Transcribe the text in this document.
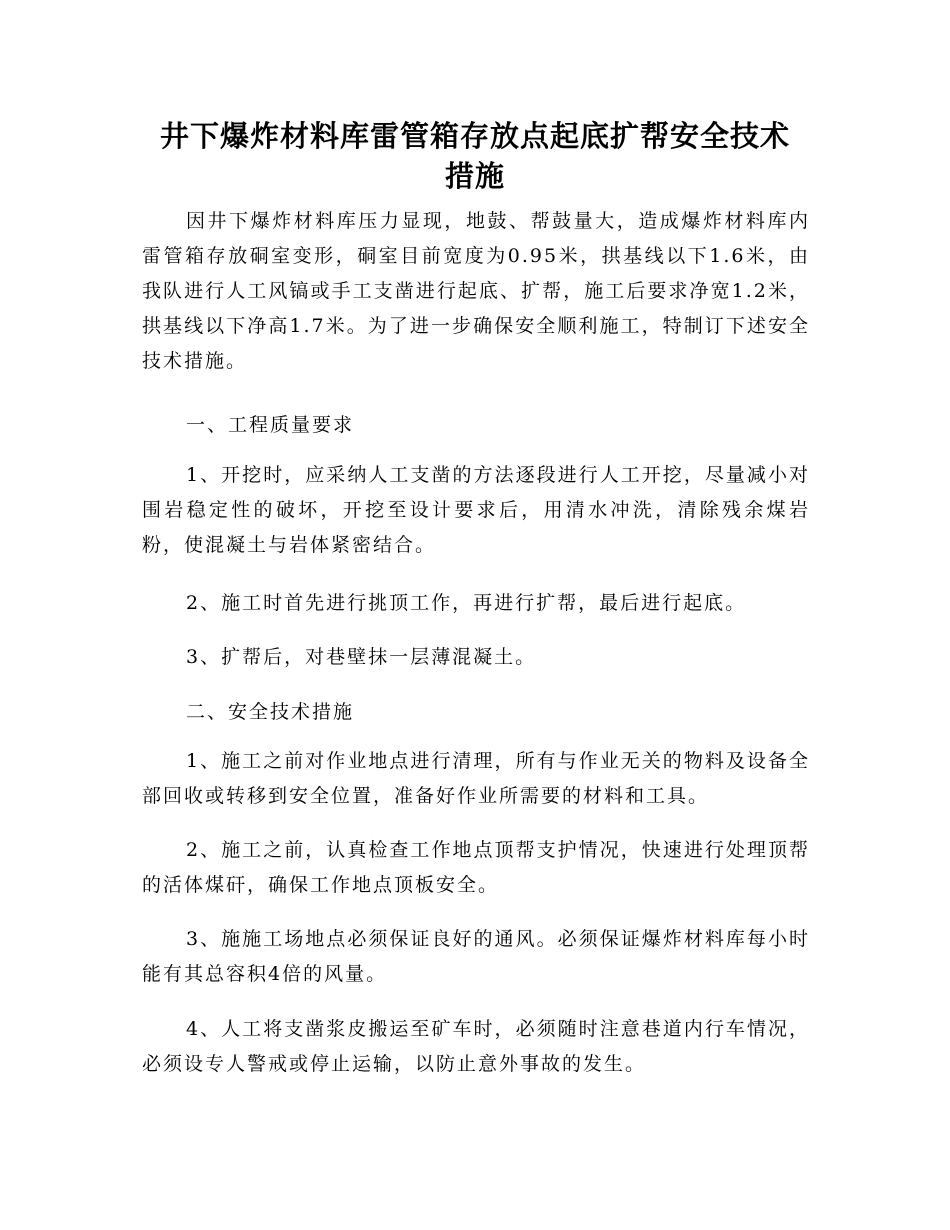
井下爆炸材料库雷管箱存放点起底扩帮安全技术
措施

因井下爆炸材料库压力显现，地鼓、帮鼓量大，造成爆炸材料库内雷管箱存放硐室变形，硐室目前宽度为0.95米，拱基线以下1.6米，由我队进行人工风镐或手工支凿进行起底、扩帮，施工后要求净宽1.2米，拱基线以下净高1.7米。为了进一步确保安全顺利施工，特制订下述安全技术措施。

一、工程质量要求

1、开挖时，应采纳人工支凿的方法逐段进行人工开挖，尽量减小对围岩稳定性的破坏，开挖至设计要求后，用清水冲洗，清除残余煤岩粉，使混凝土与岩体紧密结合。

2、施工时首先进行挑顶工作，再进行扩帮，最后进行起底。

3、扩帮后，对巷壁抹一层薄混凝土。

二、安全技术措施

1、施工之前对作业地点进行清理，所有与作业无关的物料及设备全部回收或转移到安全位置，准备好作业所需要的材料和工具。

2、施工之前，认真检查工作地点顶帮支护情况，快速进行处理顶帮的活体煤矸，确保工作地点顶板安全。

3、施施工场地点必须保证良好的通风。必须保证爆炸材料库每小时能有其总容积4倍的风量。

4、人工将支凿浆皮搬运至矿车时，必须随时注意巷道内行车情况，必须设专人警戒或停止运输，以防止意外事故的发生。
